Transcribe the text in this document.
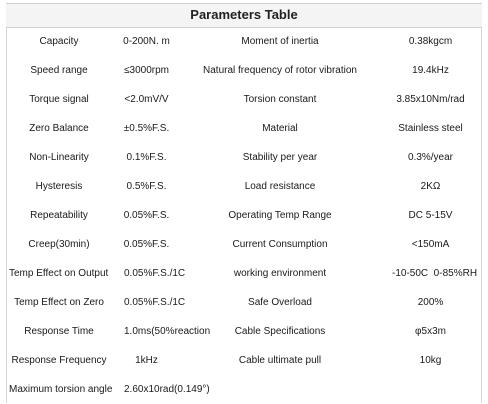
Parameters Table
Capacity	0-200N. m	Moment of inertia	0.38kgcm
Speed range	≤3000rpm	Natural frequency of rotor vibration	19.4kHz
Torque signal	<2.0mV/V	Torsion constant	3.85x10Nm/rad
Zero Balance	±0.5%F.S.	Material	Stainless steel
Non-Linearity	0.1%F.S.	Stability per year	0.3%/year
Hysteresis	0.5%F.S.	Load resistance	2KΩ
Repeatability	0.05%F.S.	Operating Temp Range	DC 5-15V
Creep(30min)	0.05%F.S.	Current Consumption	<150mA
Temp Effect on Output	0.05%F.S./1C	working environment	-10-50C  0-85%RH
Temp Effect on Zero	0.05%F.S./1C	Safe Overload	200%
Response Time	1.0ms(50%reaction	Cable Specifications	φ5x3m
Response Frequency	1kHz	Cable ultimate pull	10kg
Maximum torsion angle	2.60x10rad(0.149°)
